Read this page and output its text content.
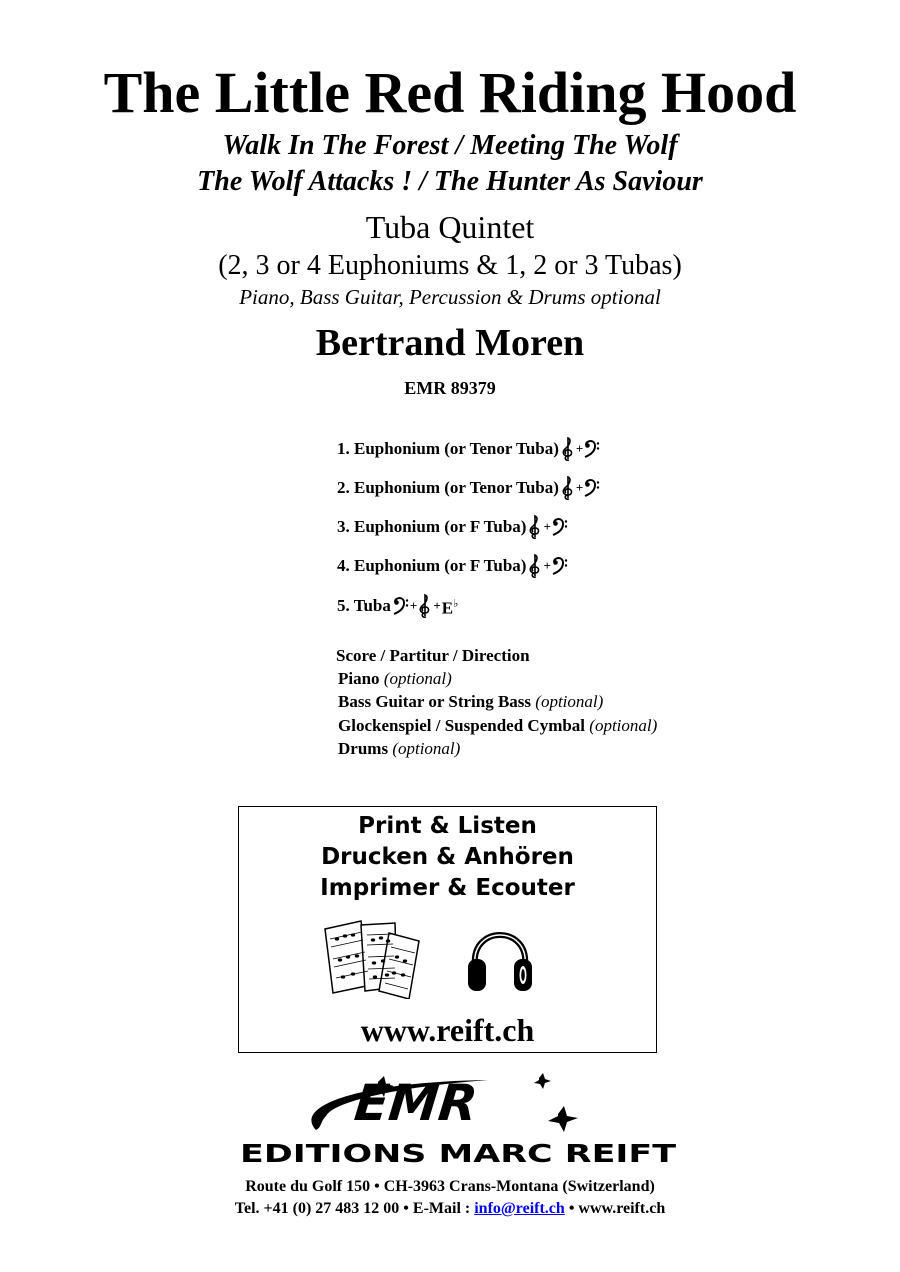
The Little Red Riding Hood
Walk In The Forest / Meeting The Wolf
The Wolf Attacks ! / The Hunter As Saviour
Tuba Quintet
(2, 3 or 4 Euphoniums & 1, 2 or 3 Tubas)
Piano, Bass Guitar, Percussion & Drums optional
Bertrand Moren
EMR 89379
1. Euphonium (or Tenor Tuba) +
2. Euphonium (or Tenor Tuba) +
3. Euphonium (or F Tuba) +
4. Euphonium (or F Tuba) +
5. Tuba + + E♭
Score / Partitur / Direction
Piano (optional)
Bass Guitar or String Bass (optional)
Glockenspiel / Suspended Cymbal (optional)
Drums (optional)
Print & Listen
Drucken & Anhören
Imprimer & Ecouter
www.reift.ch
EMR
EDITIONS MARC REIFT
Route du Golf 150 • CH-3963 Crans-Montana (Switzerland)
Tel. +41 (0) 27 483 12 00 • E-Mail : info@reift.ch • www.reift.ch
